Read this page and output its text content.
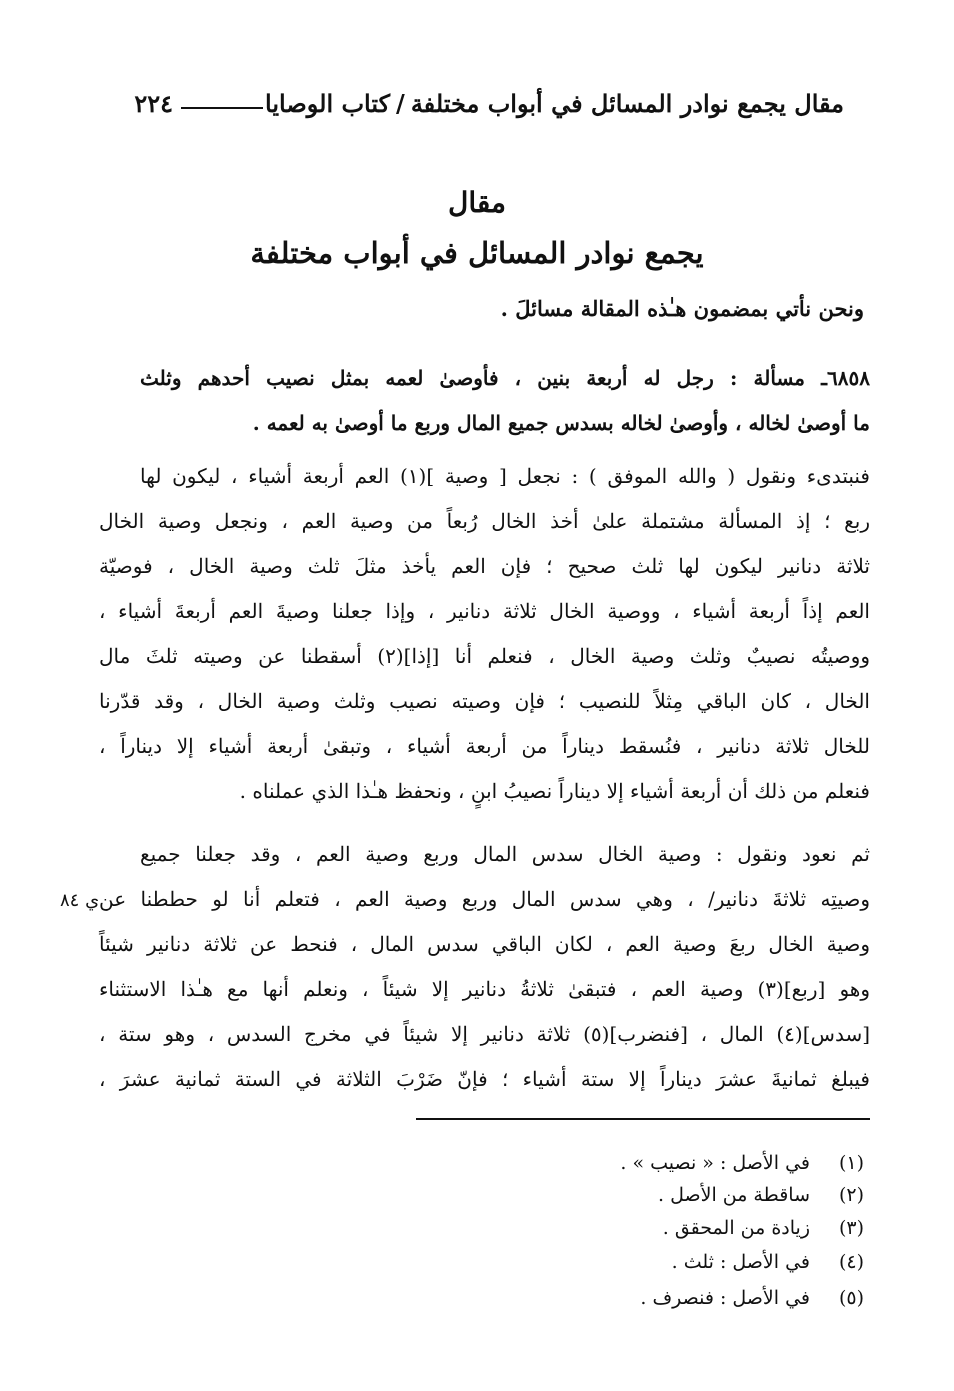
مقال يجمع نوادر المسائل في أبواب مختلفة
/
كتاب الوصايا
٢٢٤
مقال
يجمع نوادر المسائل في أبواب مختلفة
ونحن نأتي بمضمون هـٰذه المقالة مسائلَ .
٦٨٥٨ـ مسألة : رجل له أربعة بنين ، فأوصىٰ لعمه بمثل نصيب أحدهم وثلث
ما أوصىٰ لخاله ، وأوصىٰ لخاله بسدس جميع المال وربع ما أوصىٰ به لعمه .
فنبتدىء ونقول ( والله الموفق ) : نجعل [ وصية ](١) العم أربعة أشياء ، ليكون لها
ربع ؛ إذ المسألة مشتملة علىٰ أخذ الخال رُبعاً من وصية العم ، ونجعل وصية الخال
ثلاثة دنانير ليكون لها ثلث صحيح ؛ فإن العم يأخذ مثلَ ثلث وصية الخال ، فوصيّة
العم إذاً أربعة أشياء ، ووصية الخال ثلاثة دنانير ، وإذا جعلنا وصيةَ العم أربعةَ أشياء ،
ووصيتُه نصيبٌ وثلث وصية الخال ، فنعلم أنا [إذا](٢) أسقطنا عن وصيته ثلثَ مال
الخال ، كان الباقي مِثلاً للنصيب ؛ فإن وصيته نصيب وثلث وصية الخال ، وقد قدّرنا
للخال ثلاثة دنانير ، فنُسقط ديناراً من أربعة أشياء ، وتبقىٰ أربعة أشياء إلا ديناراً ،
فنعلم من ذلك أن أربعة أشياء إلا ديناراً نصيبُ ابنٍ ، ونحفظ هـٰذا الذي عملناه .
ثم نعود ونقول : وصية الخال سدس المال وربع وصية العم ، وقد جعلنا جميع
وصيتِه ثلاثةَ دنانير/ ، وهي سدس المال وربع وصية العم ، فتعلم أنا لو حططنا عن
وصية الخال ربعَ وصية العم ، لكان الباقي سدس المال ، فنحط عن ثلاثة دنانير شيئاً
وهو [ربع](٣) وصية العم ، فتبقىٰ ثلاثةُ دنانير إلا شيئاً ، ونعلم أنها مع هـٰذا الاستثناء
[سدس](٤) المال ، [فنضرب](٥) ثلاثة دنانير إلا شيئاً في مخرج السدس ، وهو ستة ،
فيبلغ ثمانيةَ عشرَ ديناراً إلا ستة أشياء ؛ فإنّ ضَرْبَ الثلاثة في الستة ثمانية عشرَ ،
ي ٨٤
(١)في الأصل : « نصيب » .
(٢)ساقطة من الأصل .
(٣)زيادة من المحقق .
(٤)في الأصل : ثلث .
(٥)في الأصل : فنصرف .
